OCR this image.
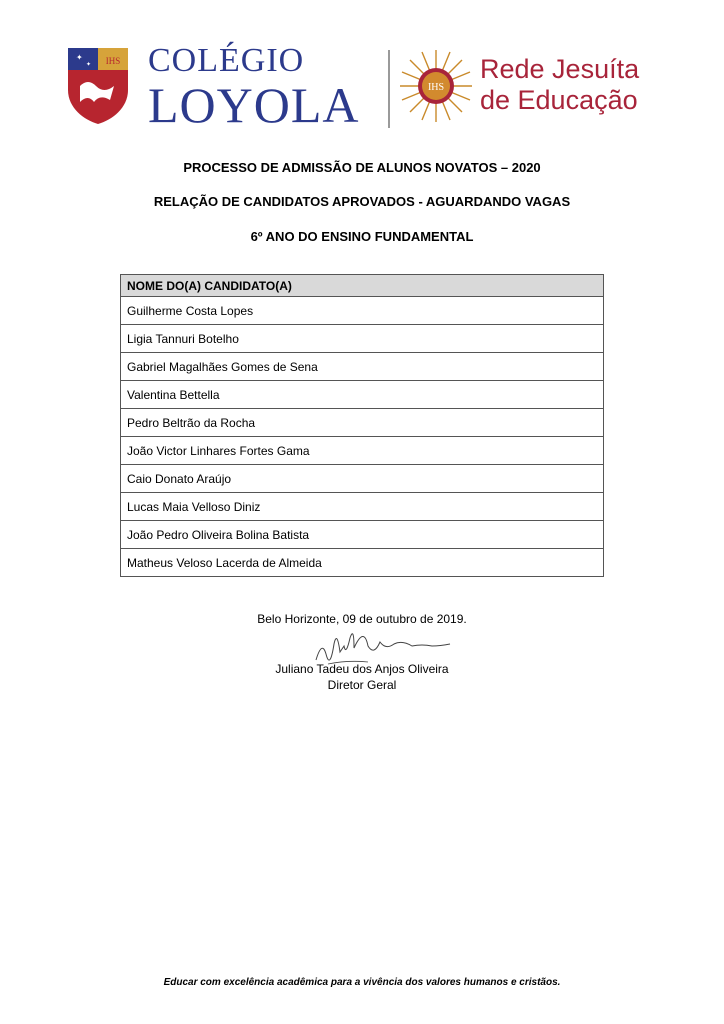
IHS
✦
✦ COLÉGIO
LOYOLA	IHS
Rede Jesuíta
de Educação
PROCESSO DE ADMISSÃO DE ALUNOS NOVATOS – 2020
RELAÇÃO DE CANDIDATOS APROVADOS - AGUARDANDO VAGAS
6º ANO DO ENSINO FUNDAMENTAL
NOME DO(A) CANDIDATO(A)
Guilherme Costa Lopes
Ligia Tannuri Botelho
Gabriel Magalhães Gomes de Sena
Valentina Bettella
Pedro Beltrão da Rocha
João Victor Linhares Fortes Gama
Caio Donato Araújo
Lucas Maia Velloso Diniz
João Pedro Oliveira Bolina Batista
Matheus Veloso Lacerda de Almeida
Belo Horizonte, 09 de outubro de 2019.
Juliano Tadeu dos Anjos Oliveira
Diretor Geral
Educar com excelência acadêmica para a vivência dos valores humanos e cristãos.
